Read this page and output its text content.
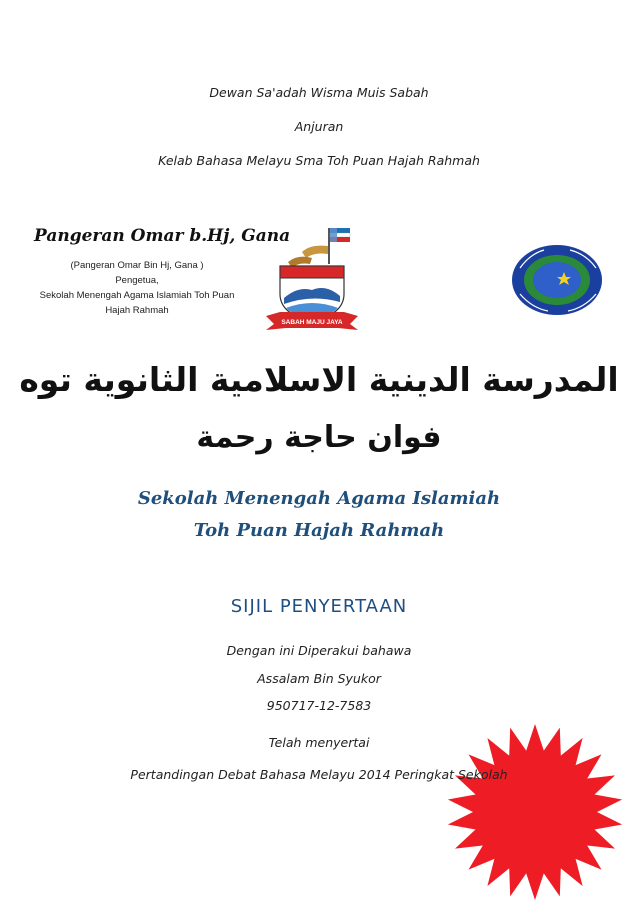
Dewan Sa'adah Wisma Muis Sabah
Anjuran
Kelab Bahasa Melayu Sma Toh Puan Hajah Rahmah
Pangeran Omar b.Hj, Gana
(Pangeran Omar Bin Hj, Gana )
Pengetua,
Sekolah Menengah Agama Islamiah Toh Puan
Hajah Rahmah
SABAH MAJU JAYA
المدرسة الدينية الاسلامية الثانوية توه
فوان حاجة رحمة
Sekolah Menengah Agama Islamiah
Toh Puan Hajah Rahmah
SIJIL PENYERTAAN
Dengan ini Diperakui bahawa
Assalam Bin Syukor
950717-12-7583
Telah menyertai
Pertandingan Debat Bahasa Melayu 2014 Peringkat Sekolah
